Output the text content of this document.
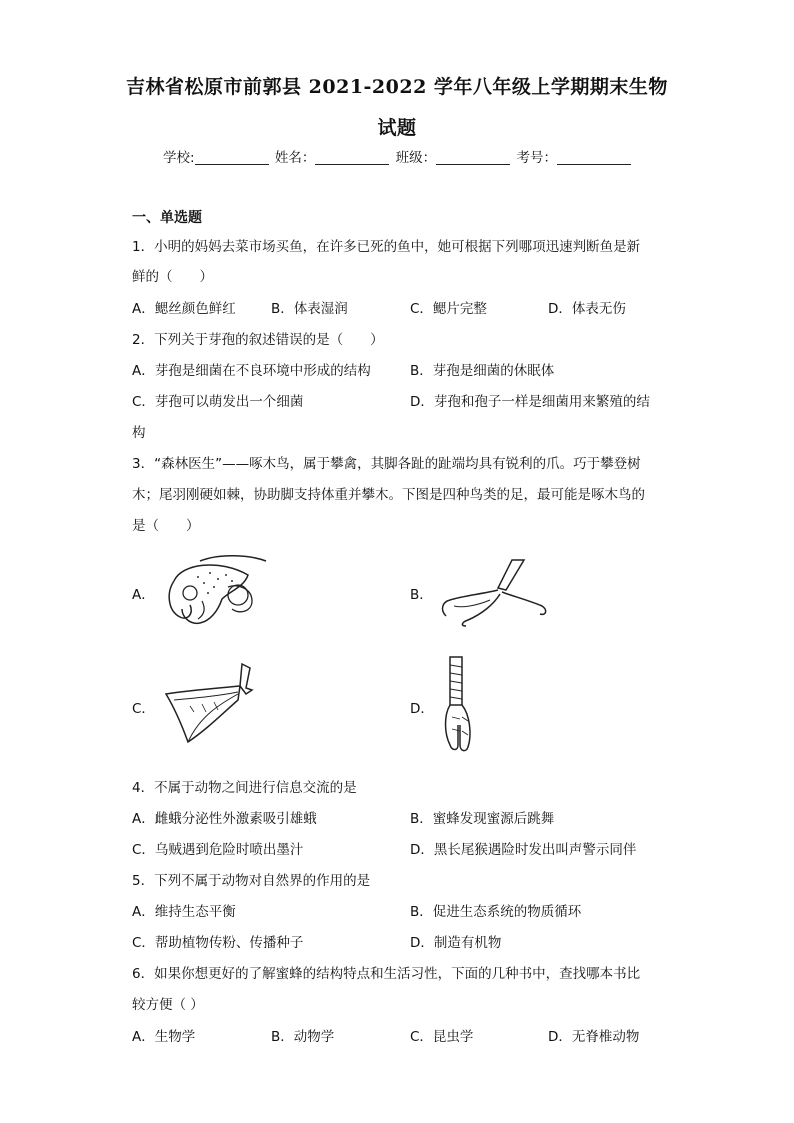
吉林省松原市前郭县 2021-2022 学年八年级上学期期末生物
试题
学校:	姓名：	班级：	考号：
一、单选题
1．小明的妈妈去菜市场买鱼，在许多已死的鱼中，她可根据下列哪项迅速判断鱼是新
鲜的（　　）
A．鳃丝颜色鲜红	B．体表湿润	C．鳃片完整	D．体表无伤
2．下列关于芽孢的叙述错误的是（　　）
A．芽孢是细菌在不良环境中形成的结构	B．芽孢是细菌的休眠体
C．芽孢可以萌发出一个细菌	D．芽孢和孢子一样是细菌用来繁殖的结
构
3．“森林医生”——啄木鸟，属于攀禽，其脚各趾的趾端均具有锐利的爪。巧于攀登树
木；尾羽刚硬如棘，协助脚支持体重并攀木。下图是四种鸟类的足，最可能是啄木鸟的
是（　　）
A．	B．
C．	D．
4．不属于动物之间进行信息交流的是
A．雌蛾分泌性外激素吸引雄蛾	B．蜜蜂发现蜜源后跳舞
C．乌贼遇到危险时喷出墨汁	D．黑长尾猴遇险时发出叫声警示同伴
5．下列不属于动物对自然界的作用的是
A．维持生态平衡	B．促进生态系统的物质循环
C．帮助植物传粉、传播种子	D．制造有机物
6．如果你想更好的了解蜜蜂的结构特点和生活习性，下面的几种书中，查找哪本书比
较方便（ ）
A．生物学	B．动物学	C．昆虫学	D．无脊椎动物
